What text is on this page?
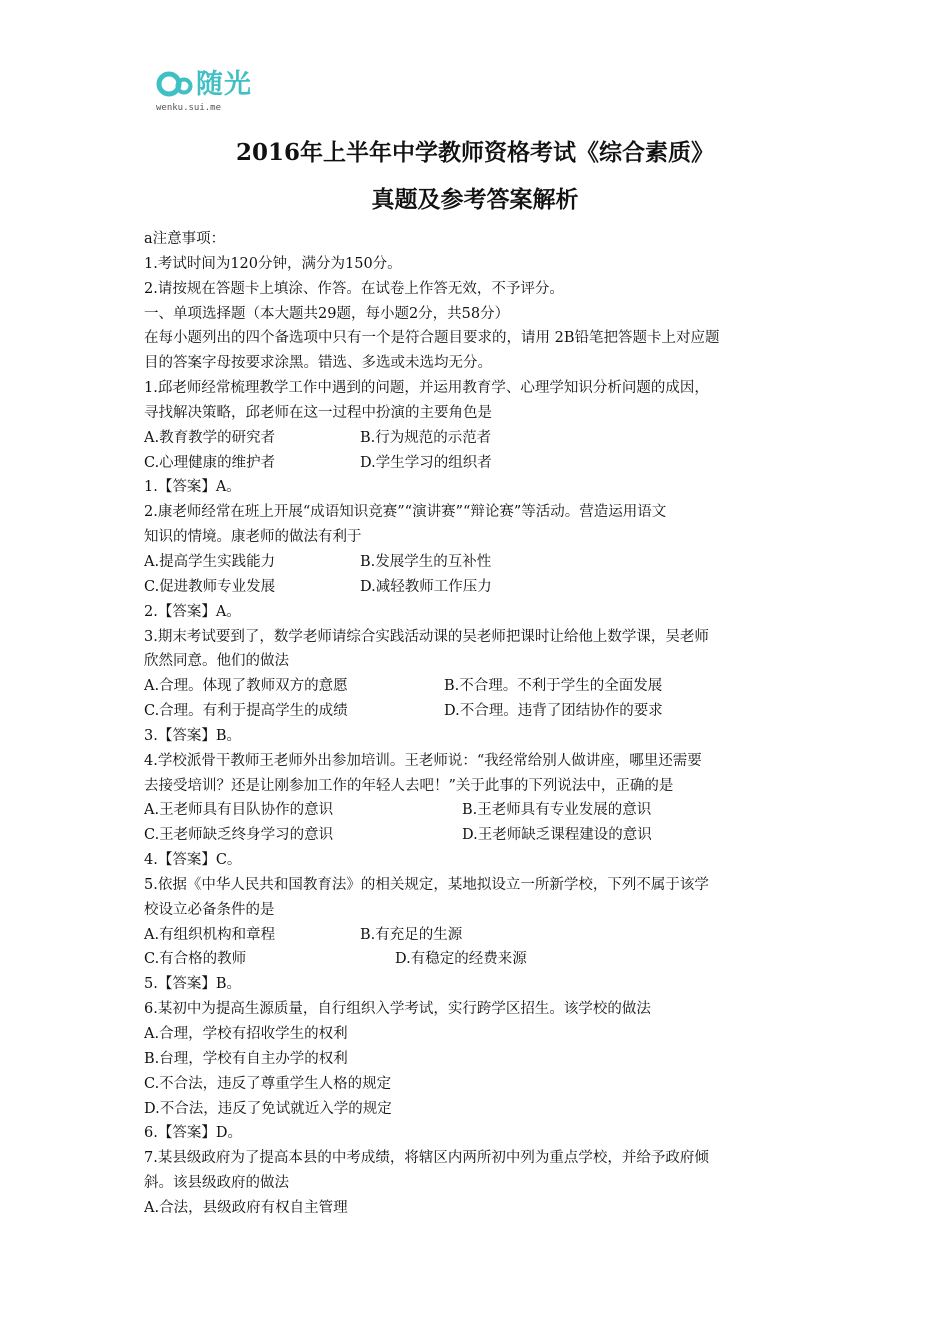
随光
wenku.sui.me
2016年上半年中学教师资格考试《综合素质》
真题及参考答案解析
a注意事项：
1.考试时间为120分钟，满分为150分。
2.请按规在答题卡上填涂、作答。在试卷上作答无效，不予评分。
一、单项选择题（本大题共29题，每小题2分，共58分）
在每小题列出的四个备选项中只有一个是符合题目要求的，请用 2B铅笔把答题卡上对应题
目的答案字母按要求涂黑。错选、多选或未选均无分。
1.邱老师经常梳理教学工作中遇到的问题，并运用教育学、心理学知识分析问题的成因，
寻找解决策略，邱老师在这一过程中扮演的主要角色是
A.教育教学的研究者	B.行为规范的示范者
C.心理健康的维护者	D.学生学习的组织者
1.【答案】A。
2.康老师经常在班上开展“成语知识竞赛”“演讲赛”“辩论赛”等活动。营造运用语文
知识的情境。康老师的做法有利于
A.提高学生实践能力	B.发展学生的互补性
C.促进教师专业发展	D.减轻教师工作压力
2.【答案】A。
3.期末考试要到了，数学老师请综合实践活动课的吴老师把课时让给他上数学课，吴老师
欣然同意。他们的做法
A.合理。体现了教师双方的意愿	B.不合理。不利于学生的全面发展
C.合理。有利于提高学生的成绩	D.不合理。违背了团结协作的要求
3.【答案】B。
4.学校派骨干教师王老师外出参加培训。王老师说：“我经常给别人做讲座，哪里还需要
去接受培训？还是让刚参加工作的年轻人去吧！”关于此事的下列说法中，正确的是
A.王老师具有目队协作的意识	B.王老师具有专业发展的意识
C.王老师缺乏终身学习的意识	D.王老师缺乏课程建设的意识
4.【答案】C。
5.依据《中华人民共和国教育法》的相关规定，某地拟设立一所新学校，下列不属于该学
校设立必备条件的是
A.有组织机构和章程	B.有充足的生源
C.有合格的教师	D.有稳定的经费来源
5.【答案】B。
6.某初中为提高生源质量，自行组织入学考试，实行跨学区招生。该学校的做法
A.合理，学校有招收学生的权利
B.台理，学校有自主办学的权利
C.不合法，违反了尊重学生人格的规定
D.不合法，违反了免试就近入学的规定
6.【答案】D。
7.某县级政府为了提高本县的中考成绩，将辖区内两所初中列为重点学校，并给予政府倾
斜。该县级政府的做法
A.合法，县级政府有权自主管理
